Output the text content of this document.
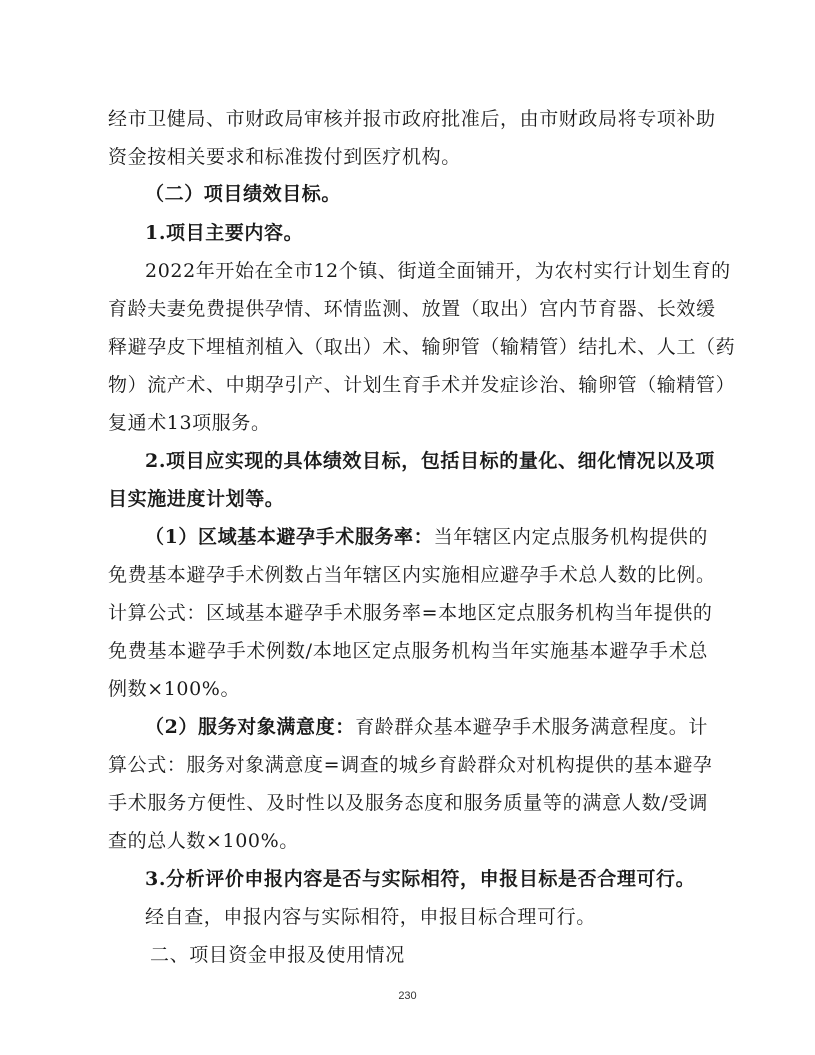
经市卫健局、市财政局审核并报市政府批准后，由市财政局将专项补助
资金按相关要求和标准拨付到医疗机构。
（二）项目绩效目标。
1.项目主要内容。
2022年开始在全市12个镇、街道全面铺开，为农村实行计划生育的
育龄夫妻免费提供孕情、环情监测、放置（取出）宫内节育器、长效缓
释避孕皮下埋植剂植入（取出）术、输卵管（输精管）结扎术、人工（药
物）流产术、中期孕引产、计划生育手术并发症诊治、输卵管（输精管）
复通术13项服务。
2.项目应实现的具体绩效目标，包括目标的量化、细化情况以及项
目实施进度计划等。
（1）区域基本避孕手术服务率： 当年辖区内定点服务机构提供的
免费基本避孕手术例数占当年辖区内实施相应避孕手术总人数的比例。
计算公式：区域基本避孕手术服务率=本地区定点服务机构当年提供的
免费基本避孕手术例数/本地区定点服务机构当年实施基本避孕手术总
例数×100%。
（2）服务对象满意度： 育龄群众基本避孕手术服务满意程度。计
算公式：服务对象满意度=调查的城乡育龄群众对机构提供的基本避孕
手术服务方便性、及时性以及服务态度和服务质量等的满意人数/受调
查的总人数×100%。
3.分析评价申报内容是否与实际相符，申报目标是否合理可行。
经自查，申报内容与实际相符，申报目标合理可行。
二、项目资金申报及使用情况
230
